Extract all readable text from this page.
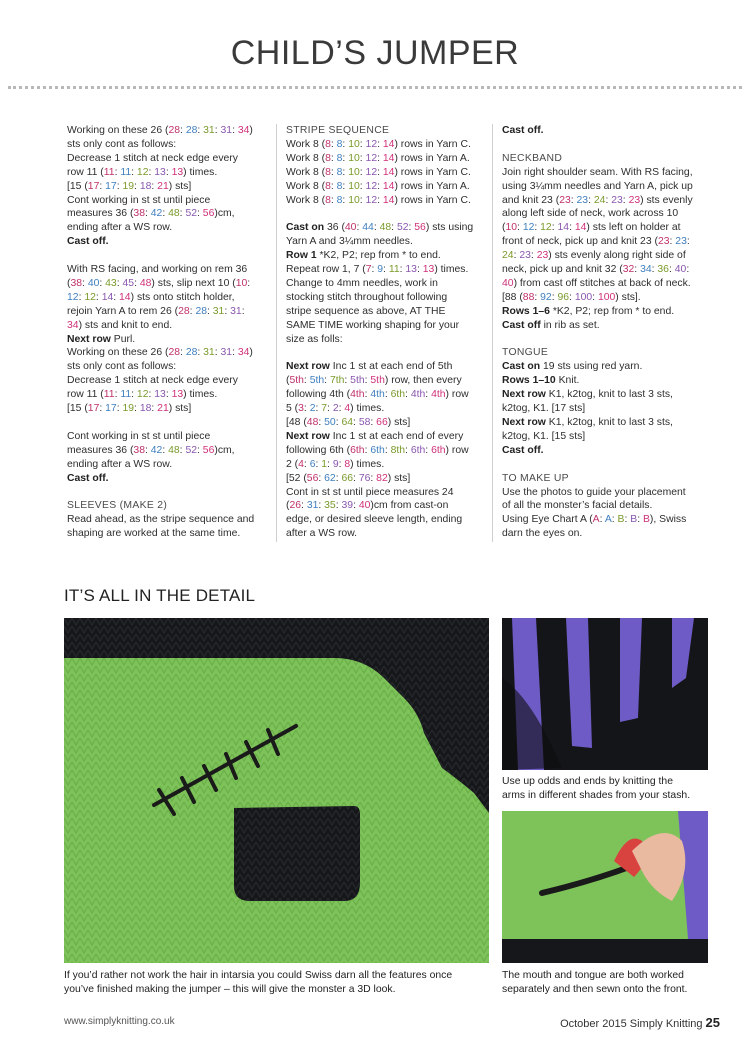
CHILD’S JUMPER
Working on these 26 (28: 28: 31: 31: 34)
sts only cont as follows:
Decrease 1 stitch at neck edge every
row 11 (11: 11: 12: 13: 13) times.
[15 (17: 17: 19: 18: 21) sts]
Cont working in st st until piece
measures 36 (38: 42: 48: 52: 56)cm,
ending after a WS row.
Cast off.
With RS facing, and working on rem 36
(38: 40: 43: 45: 48) sts, slip next 10 (10:
12: 12: 14: 14) sts onto stitch holder,
rejoin Yarn A to rem 26 (28: 28: 31: 31:
34) sts and knit to end.
Next row Purl.
Working on these 26 (28: 28: 31: 31: 34)
sts only cont as follows:
Decrease 1 stitch at neck edge every
row 11 (11: 11: 12: 13: 13) times.
[15 (17: 17: 19: 18: 21) sts]
Cont working in st st until piece
measures 36 (38: 42: 48: 52: 56)cm,
ending after a WS row.
Cast off.
SLEEVES (MAKE 2)
Read ahead, as the stripe sequence and
shaping are worked at the same time.
STRIPE SEQUENCE
Work 8 (8: 8: 10: 12: 14) rows in Yarn C.
Work 8 (8: 8: 10: 12: 14) rows in Yarn A.
Work 8 (8: 8: 10: 12: 14) rows in Yarn C.
Work 8 (8: 8: 10: 12: 14) rows in Yarn A.
Work 8 (8: 8: 10: 12: 14) rows in Yarn C.
Cast on 36 (40: 44: 48: 52: 56) sts using
Yarn A and 3¼mm needles.
Row 1 *K2, P2; rep from * to end.
Repeat row 1, 7 (7: 9: 11: 13: 13) times.
Change to 4mm needles, work in
stocking stitch throughout following
stripe sequence as above, AT THE
SAME TIME working shaping for your
size as folls:
Next row Inc 1 st at each end of 5th
(5th: 5th: 7th: 5th: 5th) row, then every
following 4th (4th: 4th: 6th: 4th: 4th) row
5 (3: 2: 7: 2: 4) times.
[48 (48: 50: 64: 58: 66) sts]
Next row Inc 1 st at each end of every
following 6th (6th: 6th: 8th: 6th: 6th) row
2 (4: 6: 1: 9: 8) times.
[52 (56: 62: 66: 76: 82) sts]
Cont in st st until piece measures 24
(26: 31: 35: 39: 40)cm from cast-on
edge, or desired sleeve length, ending
after a WS row.
Cast off.
NECKBAND
Join right shoulder seam. With RS facing,
using 3¼mm needles and Yarn A, pick up
and knit 23 (23: 23: 24: 23: 23) sts evenly
along left side of neck, work across 10
(10: 12: 12: 14: 14) sts left on holder at
front of neck, pick up and knit 23 (23: 23:
24: 23: 23) sts evenly along right side of
neck, pick up and knit 32 (32: 34: 36: 40:
40) from cast off stitches at back of neck.
[88 (88: 92: 96: 100: 100) sts].
Rows 1–6 *K2, P2; rep from * to end.
Cast off in rib as set.
TONGUE
Cast on 19 sts using red yarn.
Rows 1–10 Knit.
Next row K1, k2tog, knit to last 3 sts,
k2tog, K1. [17 sts]
Next row K1, k2tog, knit to last 3 sts,
k2tog, K1. [15 sts]
Cast off.
TO MAKE UP
Use the photos to guide your placement
of all the monster’s facial details.
Using Eye Chart A (A: A: B: B: B), Swiss
darn the eyes on.
IT’S ALL IN THE DETAIL
If you’d rather not work the hair in intarsia you could Swiss darn all the features once
you’ve finished making the jumper – this will give the monster a 3D look.
Use up odds and ends by knitting the
arms in different shades from your stash.
The mouth and tongue are both worked
separately and then sewn onto the front.
www.simplyknitting.co.uk	October 2015 Simply Knitting 25
